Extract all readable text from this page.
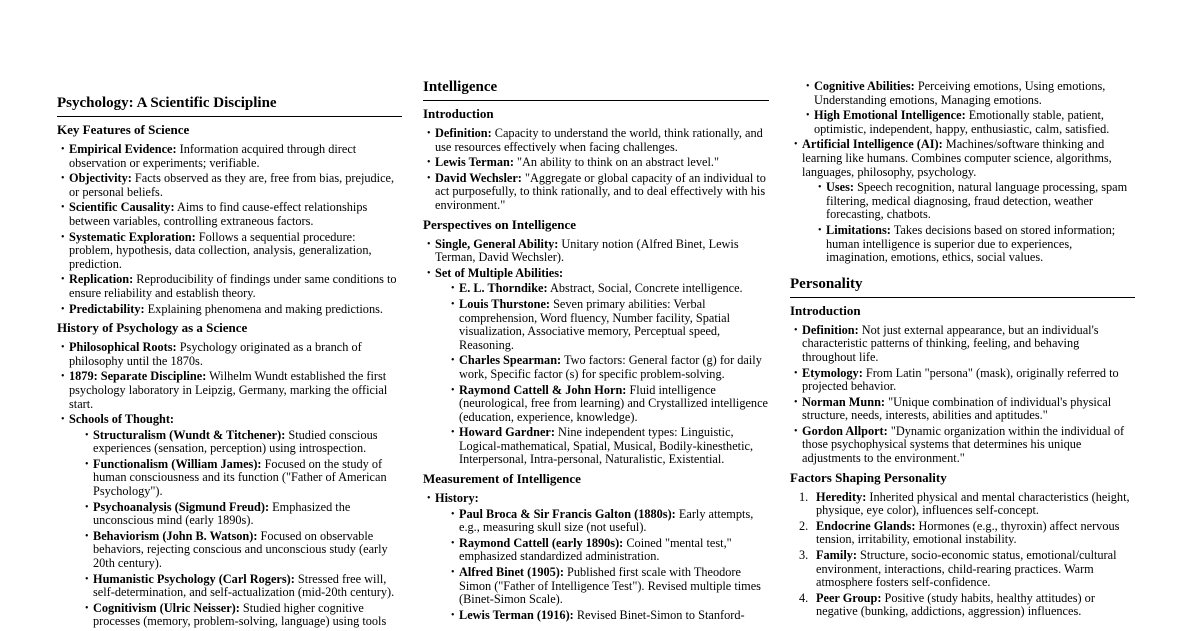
Psychology: A Scientific Discipline
Key Features of Science
• Empirical Evidence: Information acquired through direct observation or experiments; verifiable.
• Objectivity: Facts observed as they are, free from bias, prejudice, or personal beliefs.
• Scientific Causality: Aims to find cause-effect relationships between variables, controlling extraneous factors.
• Systematic Exploration: Follows a sequential procedure: problem, hypothesis, data collection, analysis, generalization, prediction.
• Replication: Reproducibility of findings under same conditions to ensure reliability and establish theory.
• Predictability: Explaining phenomena and making predictions.
History of Psychology as a Science
• Philosophical Roots: Psychology originated as a branch of philosophy until the 1870s.
• 1879: Separate Discipline: Wilhelm Wundt established the first psychology laboratory in Leipzig, Germany, marking the official start.
• Schools of Thought:
• Structuralism (Wundt & Titchener): Studied conscious experiences (sensation, perception) using introspection.
• Functionalism (William James): Focused on the study of human consciousness and its function ("Father of American Psychology").
• Psychoanalysis (Sigmund Freud): Emphasized the unconscious mind (early 1890s).
• Behaviorism (John B. Watson): Focused on observable behaviors, rejecting conscious and unconscious study (early 20th century).
• Humanistic Psychology (Carl Rogers): Stressed free will, self-determination, and self-actualization (mid-20th century).
• Cognitivism (Ulric Neisser): Studied higher cognitive processes (memory, problem-solving, language) using tools
Intelligence
Introduction
• Definition: Capacity to understand the world, think rationally, and use resources effectively when facing challenges.
• Lewis Terman: "An ability to think on an abstract level."
• David Wechsler: "Aggregate or global capacity of an individual to act purposefully, to think rationally, and to deal effectively with his environment."
Perspectives on Intelligence
• Single, General Ability: Unitary notion (Alfred Binet, Lewis Terman, David Wechsler).
• Set of Multiple Abilities:
• E. L. Thorndike: Abstract, Social, Concrete intelligence.
• Louis Thurstone: Seven primary abilities: Verbal comprehension, Word fluency, Number facility, Spatial visualization, Associative memory, Perceptual speed, Reasoning.
• Charles Spearman: Two factors: General factor (g) for daily work, Specific factor (s) for specific problem-solving.
• Raymond Cattell & John Horn: Fluid intelligence (neurological, free from learning) and Crystallized intelligence (education, experience, knowledge).
• Howard Gardner: Nine independent types: Linguistic, Logical-mathematical, Spatial, Musical, Bodily-kinesthetic, Interpersonal, Intra-personal, Naturalistic, Existential.
Measurement of Intelligence
• History:
• Paul Broca & Sir Francis Galton (1880s): Early attempts, e.g., measuring skull size (not useful).
• Raymond Cattell (early 1890s): Coined "mental test," emphasized standardized administration.
• Alfred Binet (1905): Published first scale with Theodore Simon ("Father of Intelligence Test"). Revised multiple times (Binet-Simon Scale).
• Lewis Terman (1916): Revised Binet-Simon to Stanford-
• Cognitive Abilities: Perceiving emotions, Using emotions, Understanding emotions, Managing emotions.
• High Emotional Intelligence: Emotionally stable, patient, optimistic, independent, happy, enthusiastic, calm, satisfied.
• Artificial Intelligence (AI): Machines/software thinking and learning like humans. Combines computer science, algorithms, languages, philosophy, psychology.
• Uses: Speech recognition, natural language processing, spam filtering, medical diagnosing, fraud detection, weather forecasting, chatbots.
• Limitations: Takes decisions based on stored information; human intelligence is superior due to experiences, imagination, emotions, ethics, social values.
Personality
Introduction
• Definition: Not just external appearance, but an individual's characteristic patterns of thinking, feeling, and behaving throughout life.
• Etymology: From Latin "persona" (mask), originally referred to projected behavior.
• Norman Munn: "Unique combination of individual's physical structure, needs, interests, abilities and aptitudes."
• Gordon Allport: "Dynamic organization within the individual of those psychophysical systems that determines his unique adjustments to the environment."
Factors Shaping Personality
1. Heredity: Inherited physical and mental characteristics (height, physique, eye color), influences self-concept.
2. Endocrine Glands: Hormones (e.g., thyroxin) affect nervous tension, irritability, emotional instability.
3. Family: Structure, socio-economic status, emotional/cultural environment, interactions, child-rearing practices. Warm atmosphere fosters self-confidence.
4. Peer Group: Positive (study habits, healthy attitudes) or negative (bunking, addictions, aggression) influences.
